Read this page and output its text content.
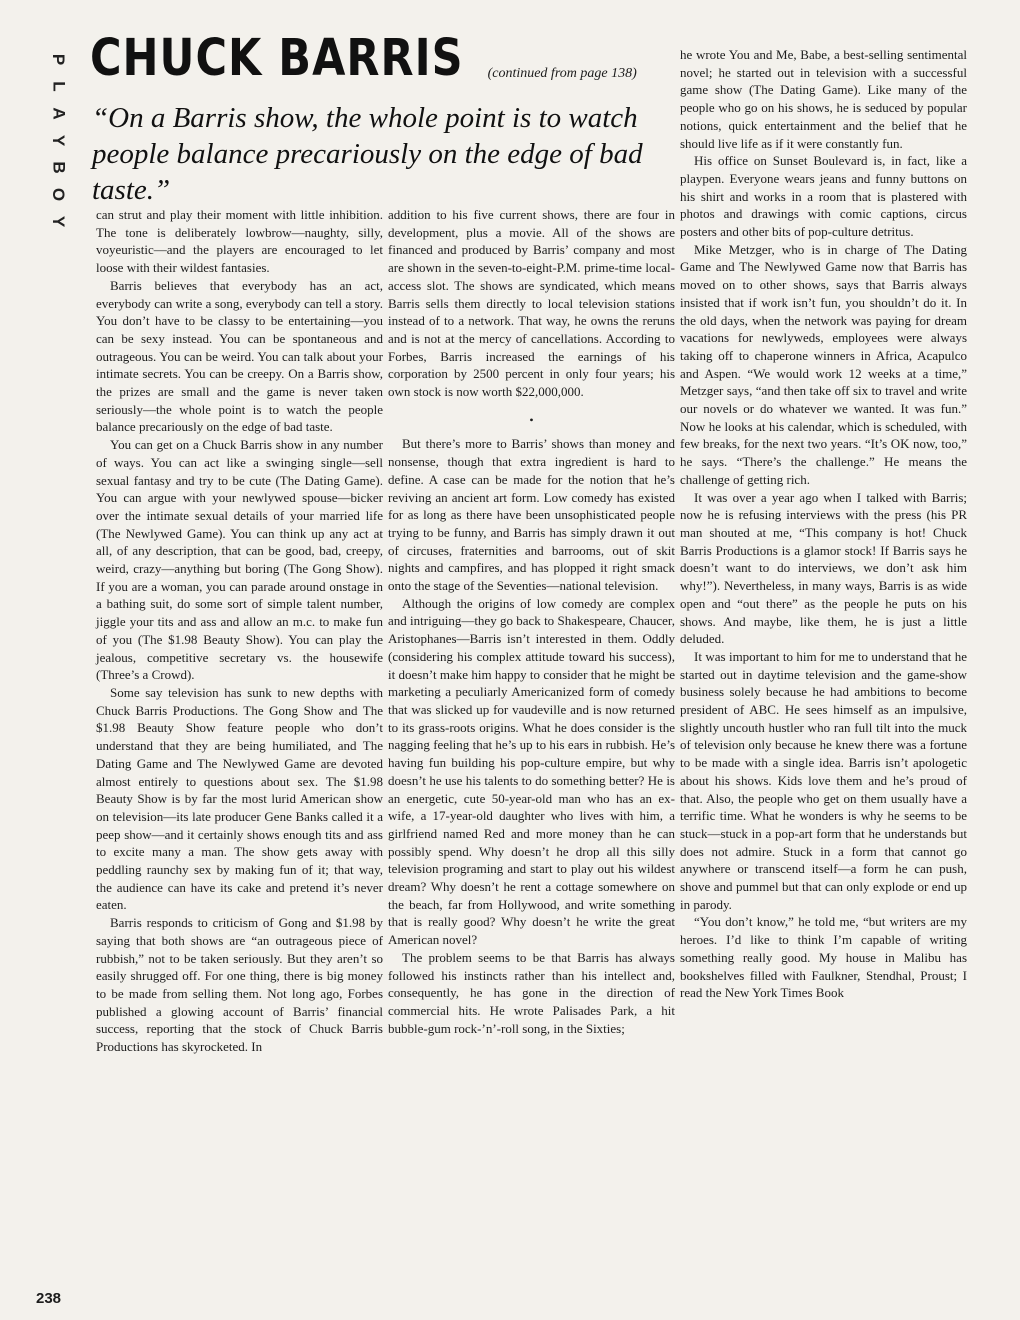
P
L
A
Y
B
O
Y
CHUCK BARRIS (continued from page 138)
“On a Barris show, the whole point is to watch people balance precariously on the edge of bad taste.”

can strut and play their moment with little inhibition. The tone is deliberately lowbrow—naughty, silly, voyeuristic—and the players are encouraged to let loose with their wildest fantasies.

Barris believes that everybody has an act, everybody can write a song, everybody can tell a story. You don’t have to be classy to be entertaining—you can be sexy instead. You can be spontaneous and outrageous. You can be weird. You can talk about your intimate secrets. You can be creepy. On a Barris show, the prizes are small and the game is never taken seriously—the whole point is to watch the people balance precariously on the edge of bad taste.

You can get on a Chuck Barris show in any number of ways. You can act like a swinging single—sell sexual fantasy and try to be cute (The Dating Game). You can argue with your newlywed spouse—bicker over the intimate sexual details of your married life (The Newlywed Game). You can think up any act at all, of any description, that can be good, bad, creepy, weird, crazy—anything but boring (The Gong Show). If you are a woman, you can parade around onstage in a bathing suit, do some sort of simple talent number, jiggle your tits and ass and allow an m.c. to make fun of you (The $1.98 Beauty Show). You can play the jealous, competitive secretary vs. the housewife (Three’s a Crowd).

Some say television has sunk to new depths with Chuck Barris Productions. The Gong Show and The $1.98 Beauty Show feature people who don’t understand that they are being humiliated, and The Dating Game and The Newlywed Game are devoted almost entirely to questions about sex. The $1.98 Beauty Show is by far the most lurid American show on television—its late producer Gene Banks called it a peep show—and it certainly shows enough tits and ass to excite many a man. The show gets away with peddling raunchy sex by making fun of it; that way, the audience can have its cake and pretend it’s never eaten.

Barris responds to criticism of Gong and $1.98 by saying that both shows are “an outrageous piece of rubbish,” not to be taken seriously. But they aren’t so easily shrugged off. For one thing, there is big money to be made from selling them. Not long ago, Forbes published a glowing account of Barris’ financial success, reporting that the stock of Chuck Barris Productions has skyrocketed. In

addition to his five current shows, there are four in development, plus a movie. All of the shows are financed and produced by Barris’ company and most are shown in the seven-to-eight-P.M. prime-time local-access slot. The shows are syndicated, which means Barris sells them directly to local television stations instead of to a network. That way, he owns the reruns and is not at the mercy of cancellations. According to Forbes, Barris increased the earnings of his corporation by 2500 percent in only four years; his own stock is now worth $22,000,000.

•

But there’s more to Barris’ shows than money and nonsense, though that extra ingredient is hard to define. A case can be made for the notion that he’s reviving an ancient art form. Low comedy has existed for as long as there have been unsophisticated people trying to be funny, and Barris has simply drawn it out of circuses, fraternities and barrooms, out of skit nights and campfires, and has plopped it right smack onto the stage of the Seventies—national television.

Although the origins of low comedy are complex and intriguing—they go back to Shakespeare, Chaucer, Aristophanes—Barris isn’t interested in them. Oddly (considering his complex attitude toward his success), it doesn’t make him happy to consider that he might be marketing a peculiarly Americanized form of comedy that was slicked up for vaudeville and is now returned to its grass-roots origins. What he does consider is the nagging feeling that he’s up to his ears in rubbish. He’s having fun building his pop-culture empire, but why doesn’t he use his talents to do something better? He is an energetic, cute 50-year-old man who has an ex-wife, a 17-year-old daughter who lives with him, a girlfriend named Red and more money than he can possibly spend. Why doesn’t he drop all this silly television programing and start to play out his wildest dream? Why doesn’t he rent a cottage somewhere on the beach, far from Hollywood, and write something that is really good? Why doesn’t he write the great American novel?

The problem seems to be that Barris has always followed his instincts rather than his intellect and, consequently, he has gone in the direction of commercial hits. He wrote Palisades Park, a hit bubble-gum rock-’n’-roll song, in the Sixties;

he wrote You and Me, Babe, a best-selling sentimental novel; he started out in television with a successful game show (The Dating Game). Like many of the people who go on his shows, he is seduced by popular notions, quick entertainment and the belief that he should live life as if it were constantly fun.

His office on Sunset Boulevard is, in fact, like a playpen. Everyone wears jeans and funny buttons on his shirt and works in a room that is plastered with photos and drawings with comic captions, circus posters and other bits of pop-culture detritus.

Mike Metzger, who is in charge of The Dating Game and The Newlywed Game now that Barris has moved on to other shows, says that Barris always insisted that if work isn’t fun, you shouldn’t do it. In the old days, when the network was paying for dream vacations for newlyweds, employees were always taking off to chaperone winners in Africa, Acapulco and Aspen. “We would work 12 weeks at a time,” Metzger says, “and then take off six to travel and write our novels or do whatever we wanted. It was fun.” Now he looks at his calendar, which is scheduled, with few breaks, for the next two years. “It’s OK now, too,” he says. “There’s the challenge.” He means the challenge of getting rich.

It was over a year ago when I talked with Barris; now he is refusing interviews with the press (his PR man shouted at me, “This company is hot! Chuck Barris Productions is a glamor stock! If Barris says he doesn’t want to do interviews, we don’t ask him why!”). Nevertheless, in many ways, Barris is as wide open and “out there” as the people he puts on his shows. And maybe, like them, he is just a little deluded.

It was important to him for me to understand that he started out in daytime television and the game-show business solely because he had ambitions to become president of ABC. He sees himself as an impulsive, slightly uncouth hustler who ran full tilt into the muck of television only because he knew there was a fortune to be made with a single idea. Barris isn’t apologetic about his shows. Kids love them and he’s proud of that. Also, the people who get on them usually have a terrific time. What he wonders is why he seems to be stuck—stuck in a pop-art form that he understands but does not admire. Stuck in a form that cannot go anywhere or transcend itself—a form he can push, shove and pummel but that can only explode or end up in parody.

“You don’t know,” he told me, “but writers are my heroes. I’d like to think I’m capable of writing something really good. My house in Malibu has bookshelves filled with Faulkner, Stendhal, Proust; I read the New York Times Book

238
